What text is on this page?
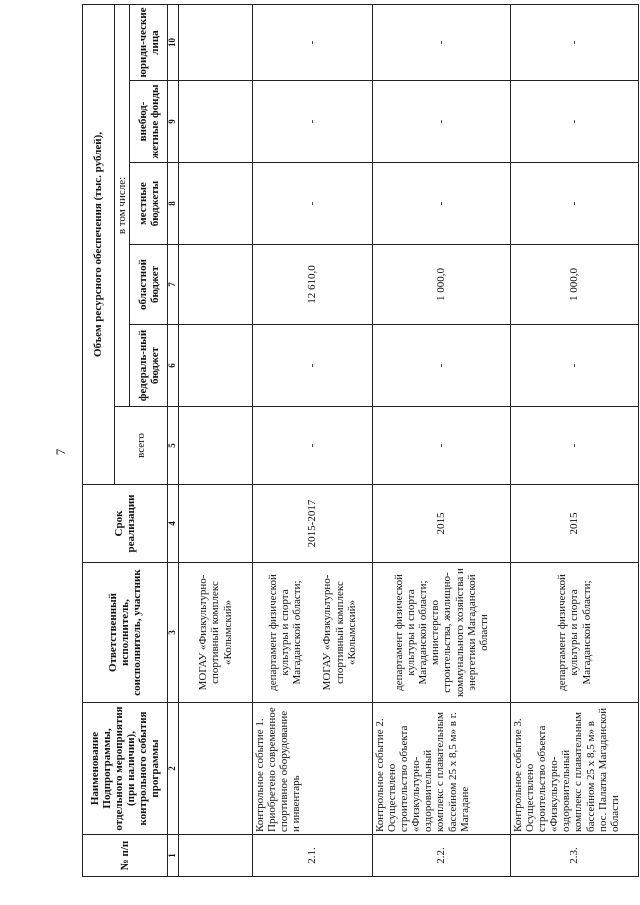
7
№ п/п	Наименование Подпрограммы, отдельного мероприятия (при наличии), контрольного события программы	Ответственный исполнитель, соисполнитель, участник	Срок реализации	Объем ресурсного обеспечения (тыс. рублей),					
				всего	в том числе:				
					федераль-ный бюджет	областной бюджет	местные бюджеты	внебюд-жетные фонды	юриди-ческие лица
1	2	3	4	5	6	7	8	9	10

		МОГАУ «Физкультурно-спортивный комплекс «Колымский»							

2.1.	Контрольное событие 1. Приобретено современное спортивное оборудование и инвентарь	департамент физической культуры и спорта Магаданской области; МОГАУ «Физкультурно-спортивный комплекс «Колымский»	2015-2017	-	-	12 610,0	-	-	-
2.2.	Контрольное событие 2. Осуществлено строительство объекта «Физкультурно-оздоровительный комплекс с плавательным бассейном 25 х 8,5 м» в г. Магадане	департамент физической культуры и спорта Магаданской области; министерство строительства, жилищно-коммунального хозяйства и энергетики Магаданской области	2015	-	-	1 000,0	-	-	-
2.3.	Контрольное событие 3. Осуществлено строительство объекта «Физкультурно-оздоровительный комплекс с плавательным бассейном 25 х 8,5 м» в пос. Палатка Магаданской области	департамент физической культуры и спорта Магаданской области;	2015	-	-	1 000,0	-	-	-
